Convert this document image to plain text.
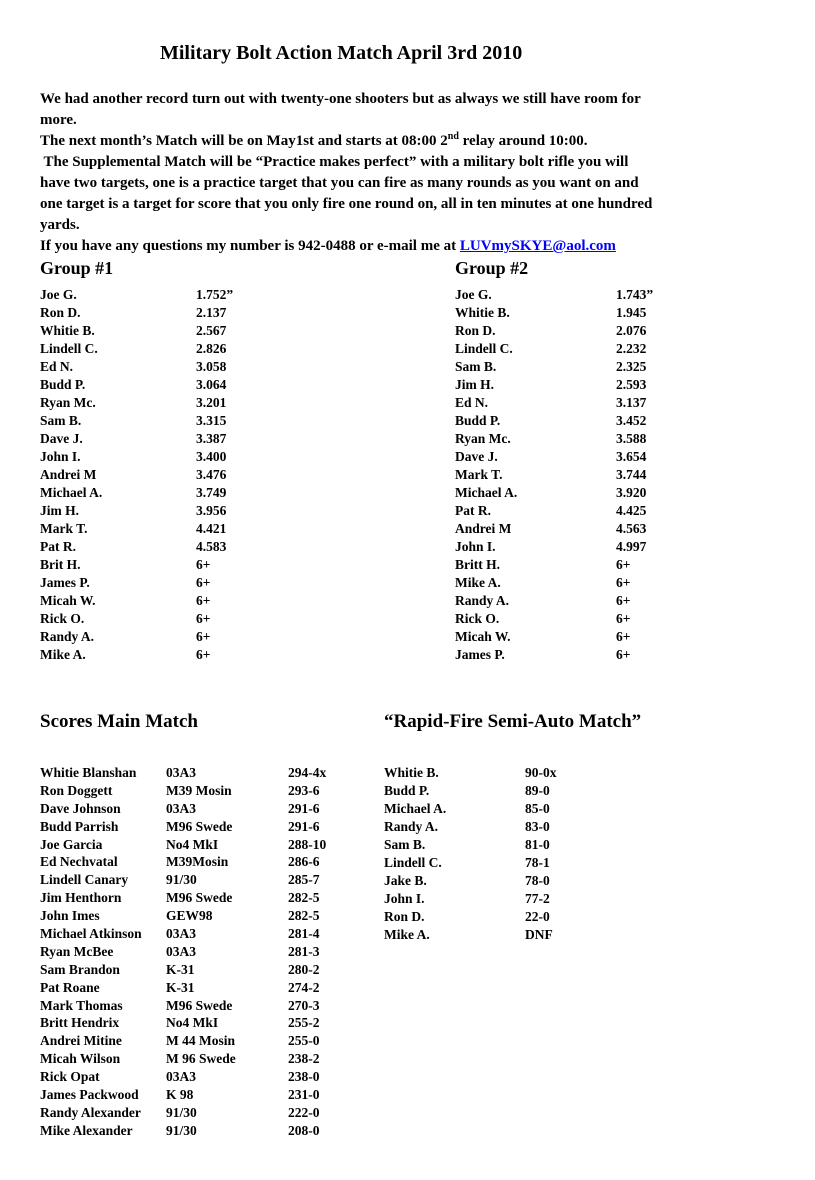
Military Bolt Action Match April 3rd 2010
We had another record turn out with twenty-one shooters but as always we still have room for
more.
The next month’s Match will be on May1st and starts at 08:00 2nd relay around 10:00.
The Supplemental Match will be “Practice makes perfect” with a military bolt rifle you will
have two targets, one is a practice target that you can fire as many rounds as you want on and
one target is a target for score that you only fire one round on, all in ten minutes at one hundred
yards.
If you have any questions my number is 942-0488 or e-mail me at LUVmySKYE@aol.com
Group #1
Joe G.	1.752”
Ron D.	2.137
Whitie B.	2.567
Lindell C.	2.826
Ed N.	3.058
Budd P.	3.064
Ryan Mc.	3.201
Sam B.	3.315
Dave J.	3.387
John I.	3.400
Andrei M	3.476
Michael A.	3.749
Jim H.	3.956
Mark T.	4.421
Pat R.	4.583
Brit H.	6+
James P.	6+
Micah W.	6+
Rick O.	6+
Randy A.	6+
Mike A.	6+
Group #2
Joe G.	1.743”
Whitie B.	1.945
Ron D.	2.076
Lindell C.	2.232
Sam B.	2.325
Jim H.	2.593
Ed N.	3.137
Budd P.	3.452
Ryan Mc.	3.588
Dave J.	3.654
Mark T.	3.744
Michael A.	3.920
Pat R.	4.425
Andrei M	4.563
John I.	4.997
Britt H.	6+
Mike A.	6+
Randy A.	6+
Rick O.	6+
Micah W.	6+
James P.	6+
Scores Main Match
Whitie Blanshan	03A3	294-4x
Ron Doggett	M39 Mosin	293-6
Dave Johnson	03A3	291-6
Budd Parrish	M96 Swede	291-6
Joe Garcia	No4 MkI	288-10
Ed Nechvatal	M39Mosin	286-6
Lindell Canary	91/30	285-7
Jim Henthorn	M96 Swede	282-5
John Imes	GEW98	282-5
Michael Atkinson	03A3	281-4
Ryan McBee	03A3	281-3
Sam Brandon	K-31	280-2
Pat Roane	K-31	274-2
Mark Thomas	M96 Swede	270-3
Britt Hendrix	No4 MkI	255-2
Andrei Mitine	M 44 Mosin	255-0
Micah Wilson	M 96 Swede	238-2
Rick Opat	03A3	238-0
James Packwood	K 98	231-0
Randy Alexander	91/30	222-0
Mike Alexander	91/30	208-0
“Rapid-Fire Semi-Auto Match”
Whitie B.	90-0x
Budd P.	89-0
Michael A.	85-0
Randy A.	83-0
Sam B.	81-0
Lindell C.	78-1
Jake B.	78-0
John I.	77-2
Ron D.	22-0
Mike A.	DNF
